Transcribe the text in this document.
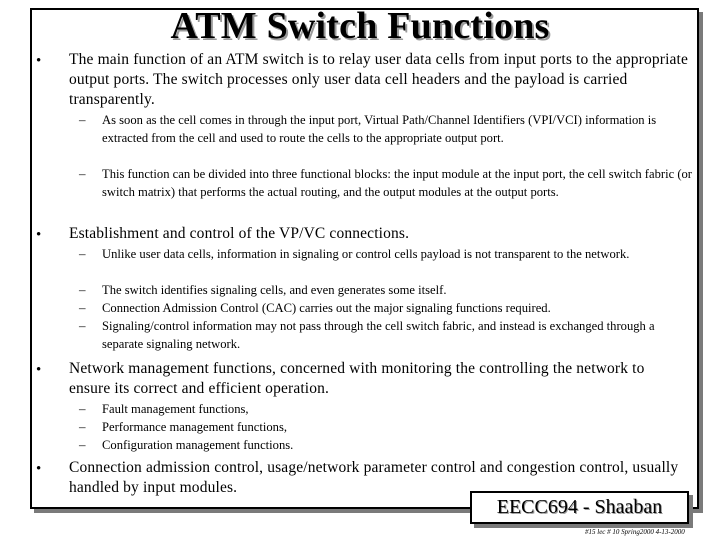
ATM Switch Functions
• The main function of an ATM switch is to relay user data cells from input ports to the appropriate output ports. The switch processes only user data cell headers and the payload is carried transparently.
– As soon as the cell comes in through the input port, Virtual Path/Channel Identifiers (VPI/VCI) information is extracted from the cell and used to route the cells to the appropriate output port.
– This function can be divided into three functional blocks: the input module at the input port, the cell switch fabric (or switch matrix) that performs the actual routing, and the output modules at the output ports.
• Establishment and control of the VP/VC connections.
– Unlike user data cells, information in signaling or control cells payload is not transparent to the network.
– The switch identifies signaling cells, and even generates some itself.
– Connection Admission Control (CAC) carries out the major signaling functions required.
– Signaling/control information may not pass through the cell switch fabric, and instead is exchanged through a separate signaling network.
• Network management functions, concerned with monitoring the controlling the network to ensure its correct and efficient operation.
– Fault management functions,
– Performance management functions,
– Configuration management functions.
• Connection admission control, usage/network parameter control and congestion control, usually handled by input modules.
EECC694 - Shaaban
#15 lec # 10 Spring2000 4-13-2000
